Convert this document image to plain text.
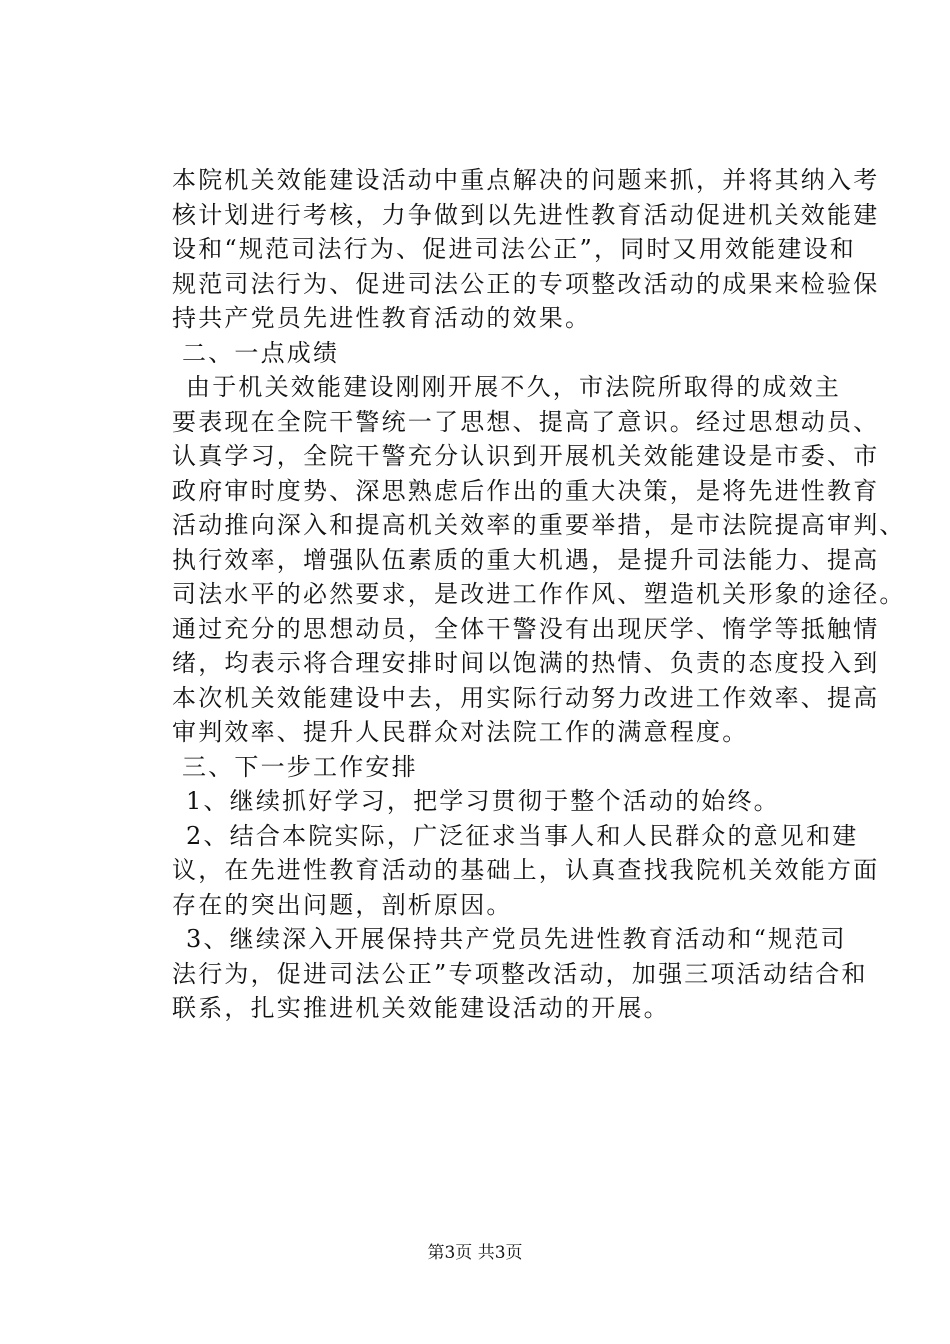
本院机关效能建设活动中重点解决的问题来抓，并将其纳入考
核计划进行考核，力争做到以先进性教育活动促进机关效能建
设和“规范司法行为、促进司法公正”，同时又用效能建设和
规范司法行为、促进司法公正的专项整改活动的成果来检验保
持共产党员先进性教育活动的效果。
二、一点成绩
由于机关效能建设刚刚开展不久，市法院所取得的成效主
要表现在全院干警统一了思想、提高了意识。经过思想动员、
认真学习，全院干警充分认识到开展机关效能建设是市委、市
政府审时度势、深思熟虑后作出的重大决策，是将先进性教育
活动推向深入和提高机关效率的重要举措，是市法院提高审判、
执行效率，增强队伍素质的重大机遇，是提升司法能力、提高
司法水平的必然要求，是改进工作作风、塑造机关形象的途径。
通过充分的思想动员，全体干警没有出现厌学、惰学等抵触情
绪，均表示将合理安排时间以饱满的热情、负责的态度投入到
本次机关效能建设中去，用实际行动努力改进工作效率、提高
审判效率、提升人民群众对法院工作的满意程度。
三、下一步工作安排
1、继续抓好学习，把学习贯彻于整个活动的始终。
2、结合本院实际，广泛征求当事人和人民群众的意见和建
议，在先进性教育活动的基础上，认真查找我院机关效能方面
存在的突出问题，剖析原因。
3、继续深入开展保持共产党员先进性教育活动和“规范司
法行为，促进司法公正”专项整改活动，加强三项活动结合和
联系，扎实推进机关效能建设活动的开展。
第3页 共3页
